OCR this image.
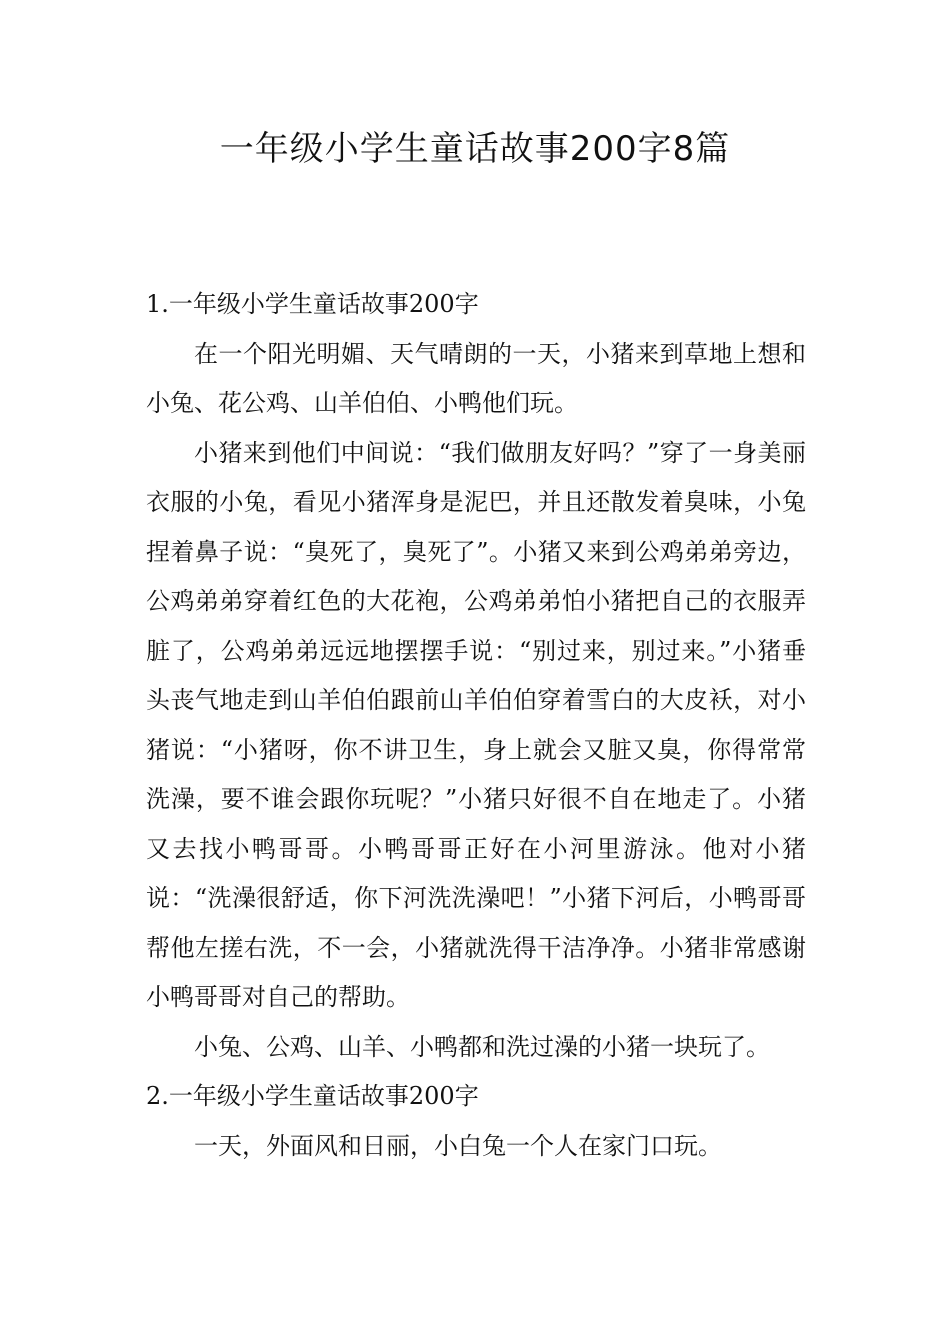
一年级小学生童话故事200字8篇
1.一年级小学生童话故事200字

在一个阳光明媚、天气晴朗的一天，小猪来到草地上想和小兔、花公鸡、山羊伯伯、小鸭他们玩。

小猪来到他们中间说：“我们做朋友好吗？”穿了一身美丽衣服的小兔，看见小猪浑身是泥巴，并且还散发着臭味，小兔捏着鼻子说：“臭死了，臭死了”。小猪又来到公鸡弟弟旁边，公鸡弟弟穿着红色的大花袍，公鸡弟弟怕小猪把自己的衣服弄脏了，公鸡弟弟远远地摆摆手说：“别过来，别过来。”小猪垂头丧气地走到山羊伯伯跟前山羊伯伯穿着雪白的大皮袄，对小猪说：“小猪呀，你不讲卫生，身上就会又脏又臭，你得常常洗澡，要不谁会跟你玩呢？”小猪只好很不自在地走了。小猪又去找小鸭哥哥。小鸭哥哥正好在小河里游泳。他对小猪说：“洗澡很舒适，你下河洗洗澡吧！”小猪下河后，小鸭哥哥帮他左搓右洗，不一会，小猪就洗得干洁净净。小猪非常感谢小鸭哥哥对自己的帮助。

小兔、公鸡、山羊、小鸭都和洗过澡的小猪一块玩了。

2.一年级小学生童话故事200字

一天，外面风和日丽，小白兔一个人在家门口玩。
